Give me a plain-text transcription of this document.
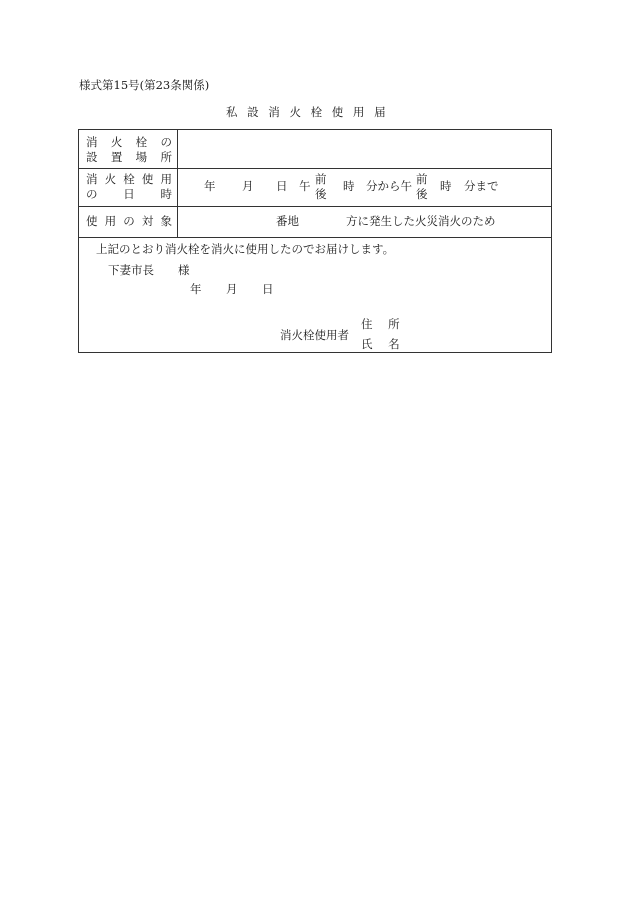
様式第15号(第23条関係)
私 設 消 火 栓 使 用 届
消 火 栓 の
設 置 場 所
消 火 栓 使 用
の 日 時
年 月 日 午 前
後
時 分から午 前
後
時 分まで
使 用 の 対 象	番地	方に発生した火災消火のため
上記のとおり消火栓を消火に使用したのでお届けします。
下妻市長 様
年 月 日
消火栓使用者
住 所
氏 名
